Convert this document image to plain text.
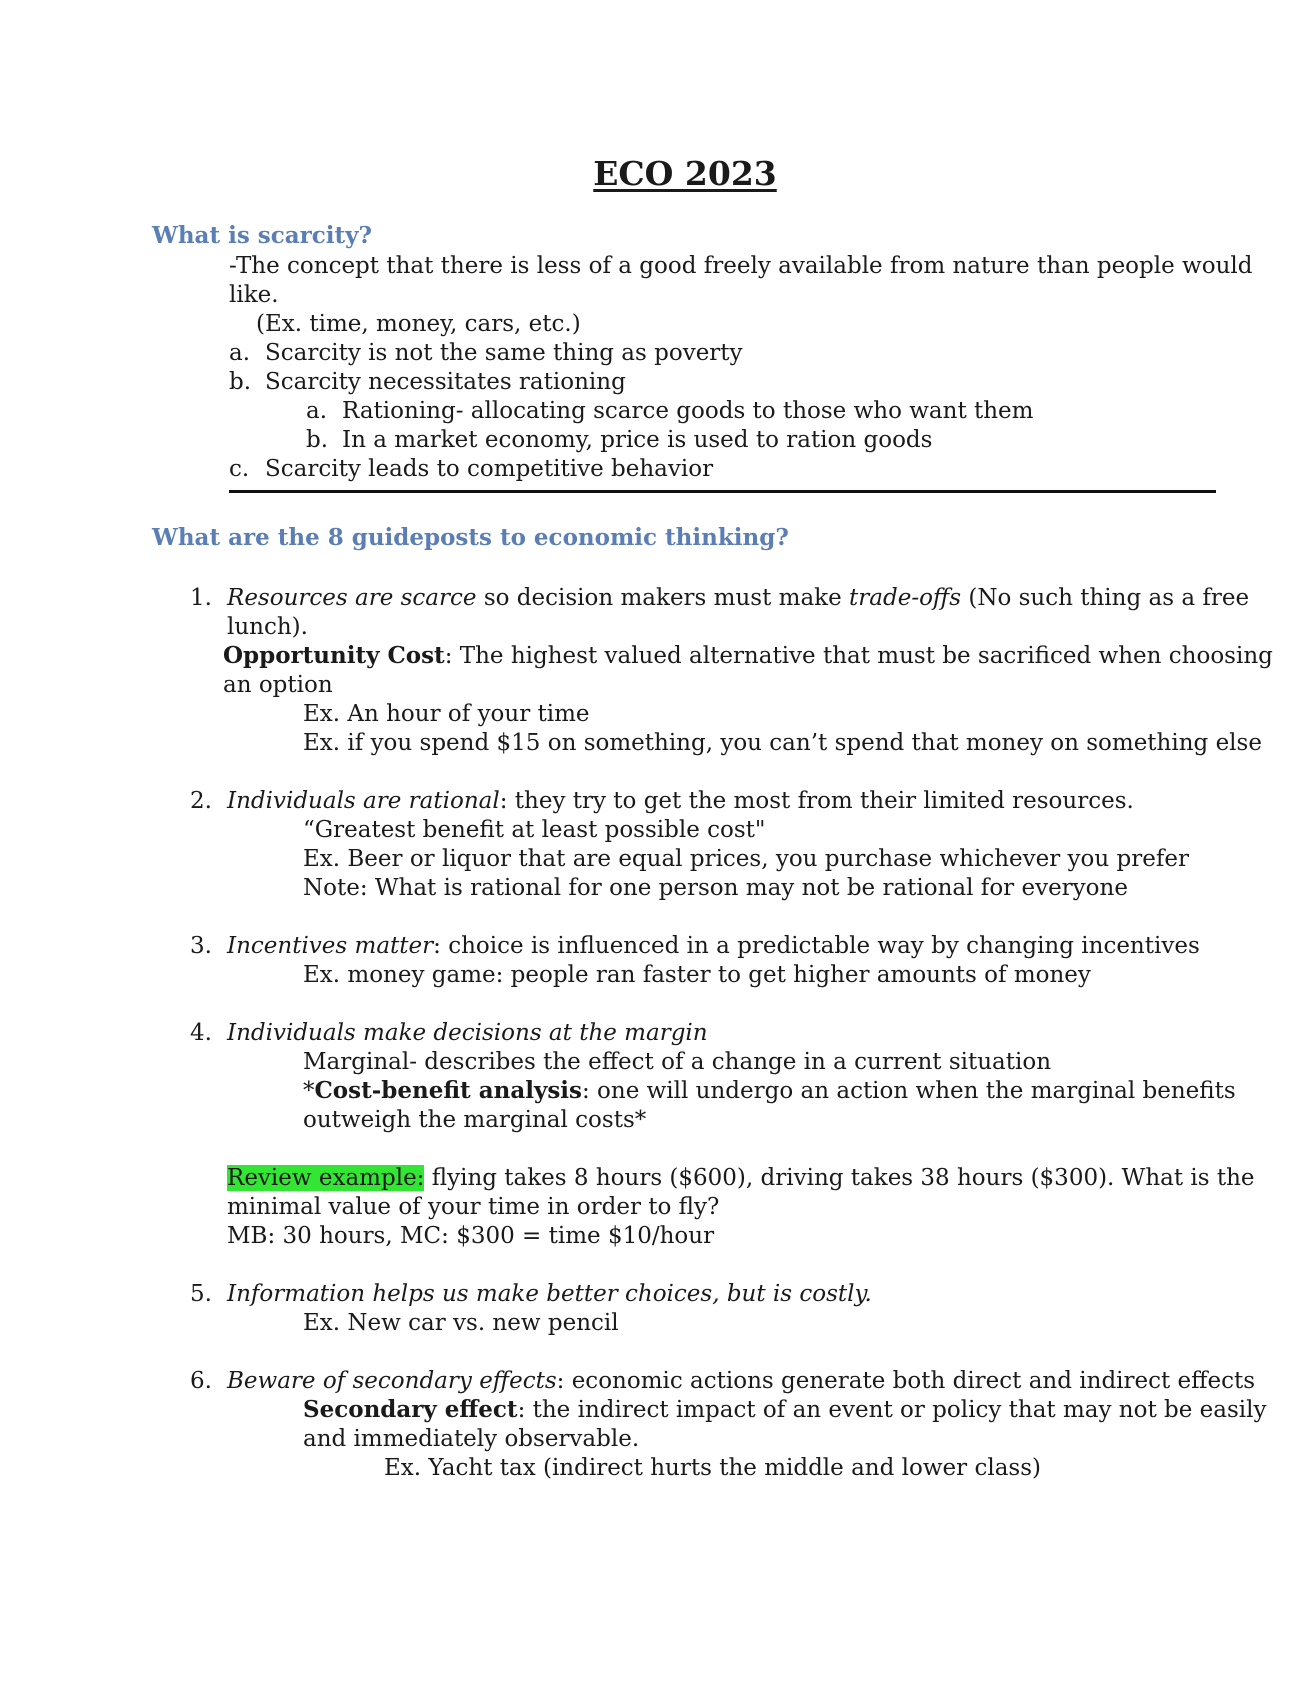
ECO 2023
What is scarcity?
-The concept that there is less of a good freely available from nature than people would
like.
(Ex. time, money, cars, etc.)
a. Scarcity is not the same thing as poverty
b. Scarcity necessitates rationing
a. Rationing- allocating scarce goods to those who want them
b. In a market economy, price is used to ration goods
c. Scarcity leads to competitive behavior
What are the 8 guideposts to economic thinking?
1. Resources are scarce so decision makers must make trade-offs (No such thing as a free
lunch).
Opportunity Cost: The highest valued alternative that must be sacrificed when choosing
an option
Ex. An hour of your time
Ex. if you spend $15 on something, you can’t spend that money on something else
2. Individuals are rational: they try to get the most from their limited resources.
“Greatest benefit at least possible cost"
Ex. Beer or liquor that are equal prices, you purchase whichever you prefer
Note: What is rational for one person may not be rational for everyone
3. Incentives matter: choice is influenced in a predictable way by changing incentives
Ex. money game: people ran faster to get higher amounts of money
4. Individuals make decisions at the margin
Marginal- describes the effect of a change in a current situation
*Cost-benefit analysis: one will undergo an action when the marginal benefits
outweigh the marginal costs*
Review example: flying takes 8 hours ($600), driving takes 38 hours ($300). What is the
minimal value of your time in order to fly?
MB: 30 hours, MC: $300 = time $10/hour
5. Information helps us make better choices, but is costly.
Ex. New car vs. new pencil
6. Beware of secondary effects: economic actions generate both direct and indirect effects
Secondary effect: the indirect impact of an event or policy that may not be easily
and immediately observable.
Ex. Yacht tax (indirect hurts the middle and lower class)
